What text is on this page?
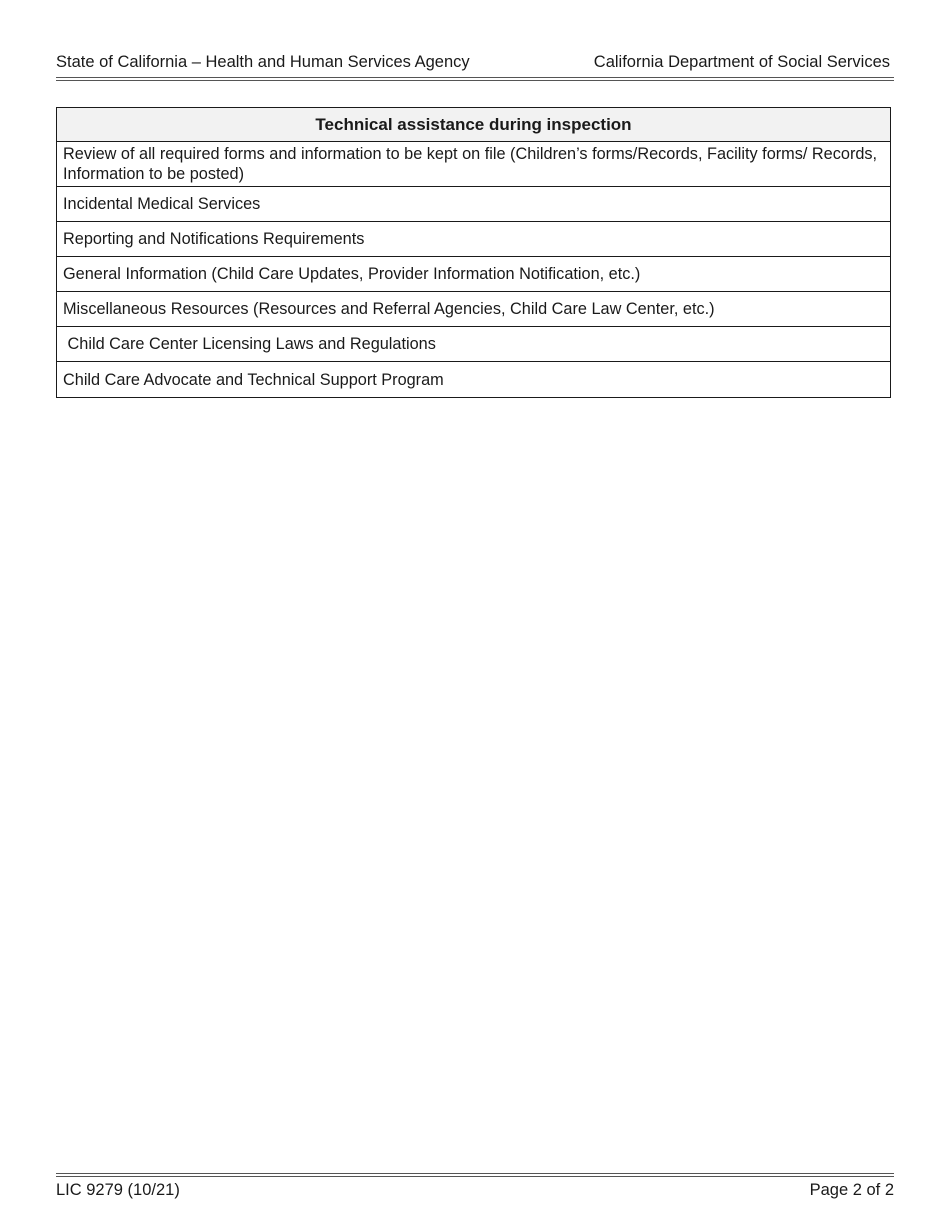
State of California – Health and Human Services Agency	California Department of Social Services
Technical assistance during inspection
Review of all required forms and information to be kept on file (Children’s forms/Records, Facility forms/ Records, Information to be posted)
Incidental Medical Services
Reporting and Notifications Requirements
General Information (Child Care Updates, Provider Information Notification, etc.)
Miscellaneous Resources (Resources and Referral Agencies, Child Care Law Center, etc.)
Child Care Center Licensing Laws and Regulations
Child Care Advocate and Technical Support Program
LIC 9279 (10/21)	Page 2 of 2
